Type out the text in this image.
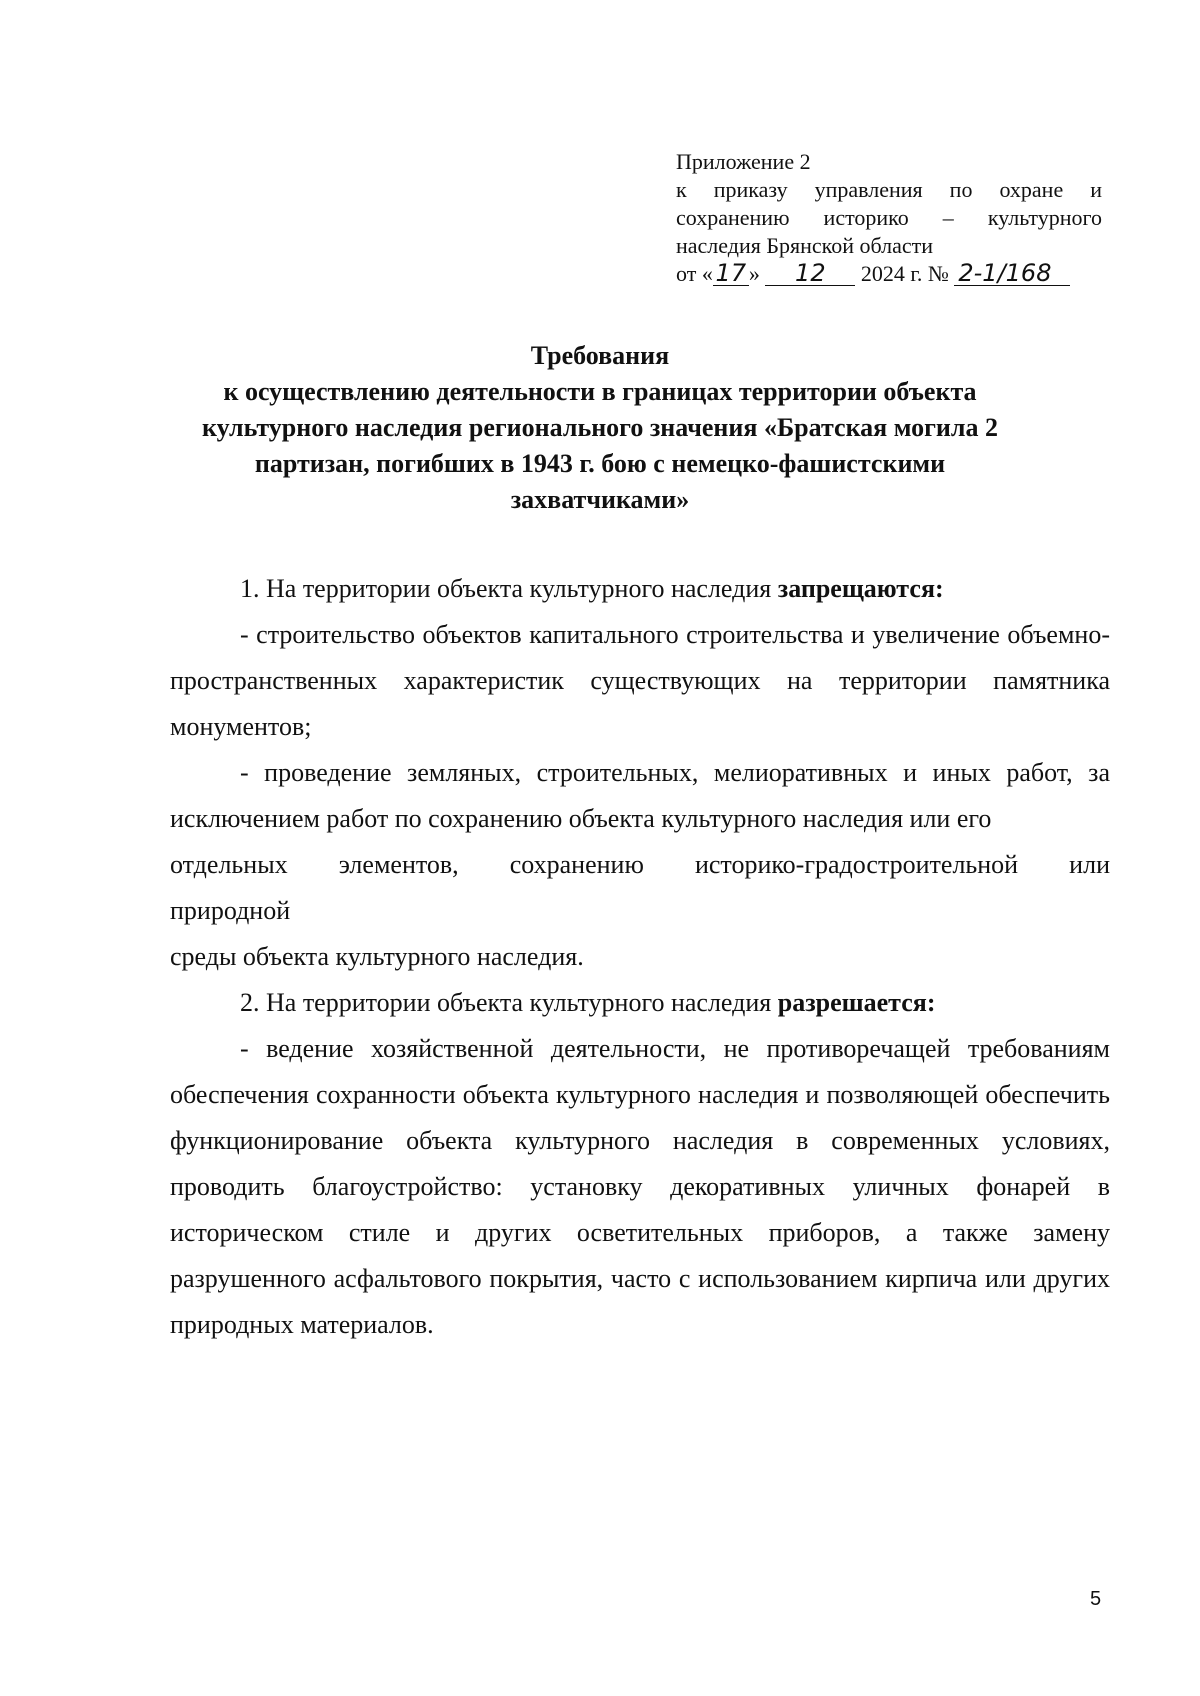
Приложение 2
к приказу управления по охране и
сохранению историко – культурного
наследия Брянской области
от « 17 » 12 2024 г. № 2-1/168
Требования
к осуществлению деятельности в границах территории объекта
культурного наследия регионального значения «Братская могила 2
партизан, погибших в 1943 г. бою с немецко-фашистскими
захватчиками»

1. На территории объекта культурного наследия запрещаются:

- строительство объектов капитального строительства и увеличение объемно-пространственных характеристик существующих на территории памятника монументов;

- проведение земляных, строительных, мелиоративных и иных работ, за

исключением работ по сохранению объекта культурного наследия или его

отдельных элементов, сохранению историко-градостроительной или

природной

среды объекта культурного наследия.

2. На территории объекта культурного наследия разрешается:

- ведение хозяйственной деятельности, не противоречащей требованиям обеспечения сохранности объекта культурного наследия и позволяющей обеспечить функционирование объекта культурного наследия в современных условиях, проводить благоустройство: установку декоративных уличных фонарей в историческом стиле и других осветительных приборов, а также замену разрушенного асфальтового покрытия, часто с использованием кирпича или других природных материалов.

5
